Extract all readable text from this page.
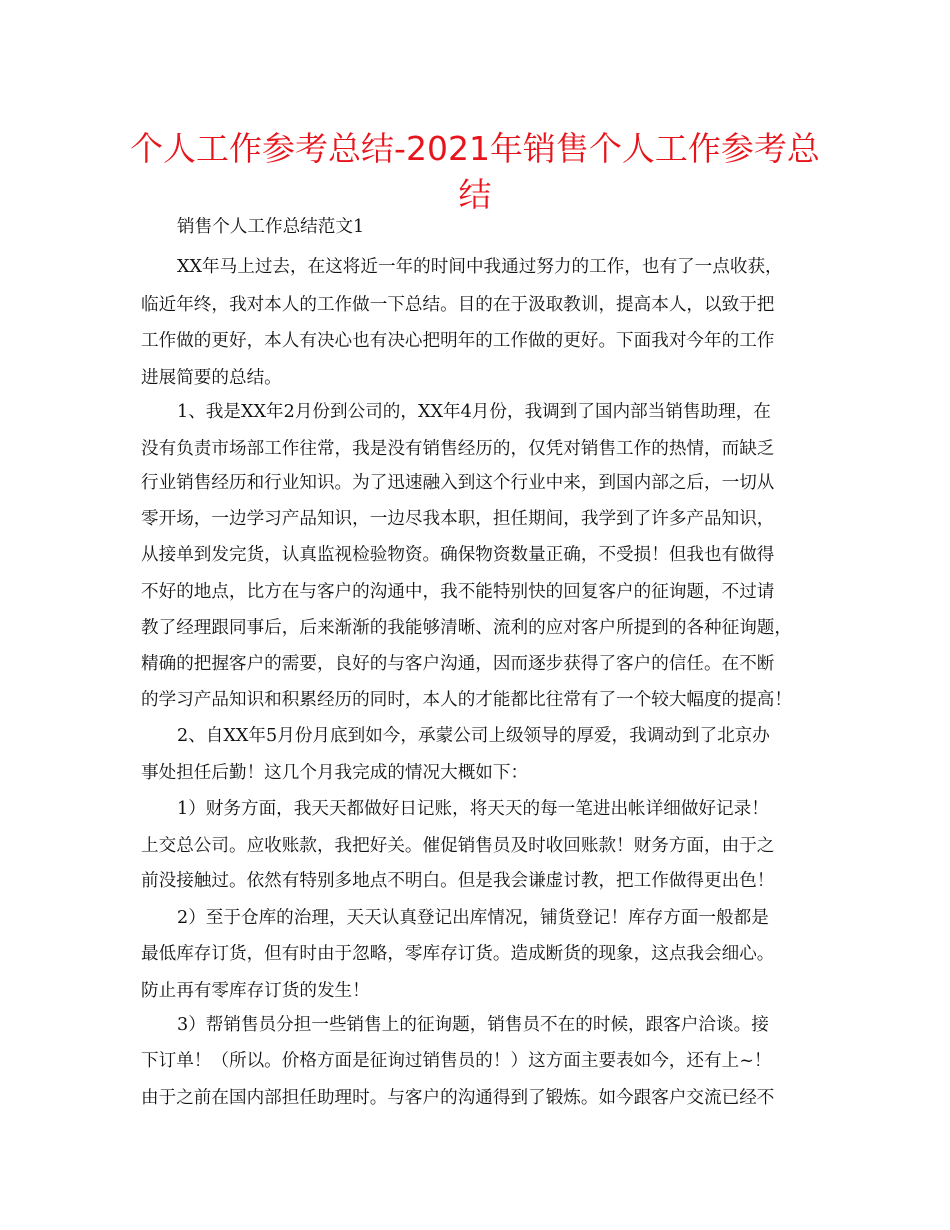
个人工作参考总结-2021年销售个人工作参考总结

销售个人工作总结范文1

XX年马上过去，在这将近一年的时间中我通过努力的工作，也有了一点收获，

临近年终，我对本人的工作做一下总结。目的在于汲取教训，提高本人，以致于把

工作做的更好，本人有决心也有决心把明年的工作做的更好。下面我对今年的工作

进展简要的总结。

1、我是XX年2月份到公司的，XX年4月份，我调到了国内部当销售助理，在

没有负责市场部工作往常，我是没有销售经历的，仅凭对销售工作的热情，而缺乏

行业销售经历和行业知识。为了迅速融入到这个行业中来，到国内部之后，一切从

零开场，一边学习产品知识，一边尽我本职，担任期间，我学到了许多产品知识，

从接单到发完货，认真监视检验物资。确保物资数量正确，不受损！但我也有做得

不好的地点，比方在与客户的沟通中，我不能特别快的回复客户的征询题，不过请

教了经理跟同事后，后来渐渐的我能够清晰、流利的应对客户所提到的各种征询题，

精确的把握客户的需要，良好的与客户沟通，因而逐步获得了客户的信任。在不断

的学习产品知识和积累经历的同时，本人的才能都比往常有了一个较大幅度的提高！

2、自XX年5月份月底到如今，承蒙公司上级领导的厚爱，我调动到了北京办

事处担任后勤！这几个月我完成的情况大概如下：

1）财务方面，我天天都做好日记账，将天天的每一笔进出帐详细做好记录！

上交总公司。应收账款，我把好关。催促销售员及时收回账款！财务方面，由于之

前没接触过。依然有特别多地点不明白。但是我会谦虚讨教，把工作做得更出色！

2）至于仓库的治理，天天认真登记出库情况，铺货登记！库存方面一般都是

最低库存订货，但有时由于忽略，零库存订货。造成断货的现象，这点我会细心。

防止再有零库存订货的发生！

3）帮销售员分担一些销售上的征询题，销售员不在的时候，跟客户洽谈。接

下订单！（所以。价格方面是征询过销售员的！）这方面主要表如今，还有上~！

由于之前在国内部担任助理时。与客户的沟通得到了锻炼。如今跟客户交流已经不
